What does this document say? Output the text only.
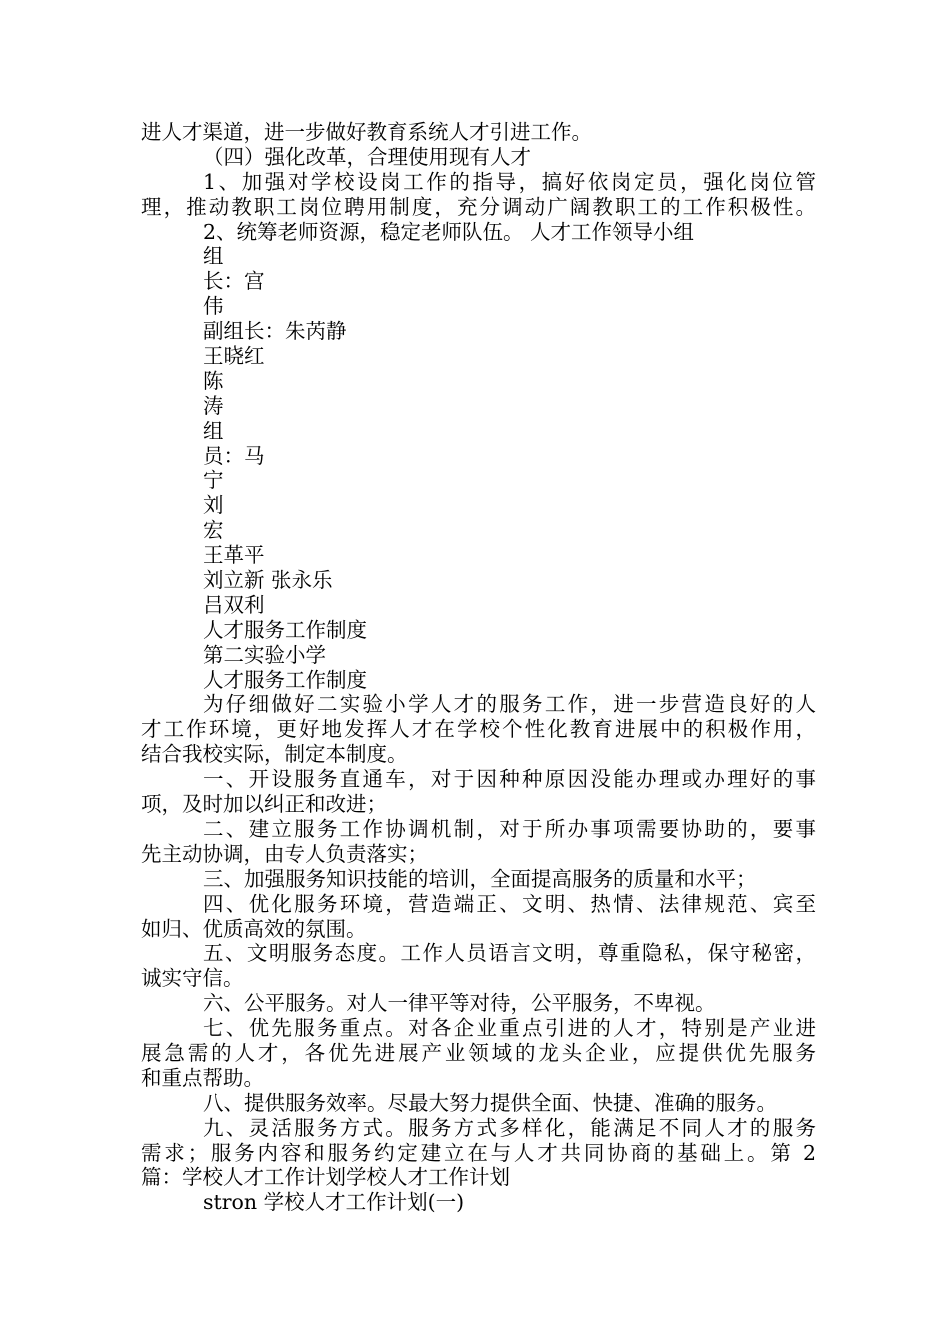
进人才渠道，进一步做好教育系统人才引进工作。
（四）强化改革，合理使用现有人才
1、加强对学校设岗工作的指导，搞好依岗定员，强化岗位管
理，推动教职工岗位聘用制度，充分调动广阔教职工的工作积极性。
2、统筹老师资源，稳定老师队伍。 人才工作领导小组
组
长：宫
伟
副组长：朱芮静
王晓红
陈
涛
组
员：马
宁
刘
宏
王革平
刘立新 张永乐
吕双利
人才服务工作制度
第二实验小学
人才服务工作制度
为仔细做好二实验小学人才的服务工作，进一步营造良好的人
才工作环境，更好地发挥人才在学校个性化教育进展中的积极作用，
结合我校实际，制定本制度。
一、开设服务直通车，对于因种种原因没能办理或办理好的事
项，及时加以纠正和改进；
二、建立服务工作协调机制，对于所办事项需要协助的，要事
先主动协调，由专人负责落实；
三、加强服务知识技能的培训，全面提高服务的质量和水平；
四、优化服务环境，营造端正、文明、热情、法律规范、宾至
如归、优质高效的氛围。
五、文明服务态度。工作人员语言文明，尊重隐私，保守秘密，
诚实守信。
六、公平服务。对人一律平等对待，公平服务，不卑视。
七、优先服务重点。对各企业重点引进的人才，特别是产业进
展急需的人才，各优先进展产业领域的龙头企业，应提供优先服务
和重点帮助。
八、提供服务效率。尽最大努力提供全面、快捷、准确的服务。
九、灵活服务方式。服务方式多样化，能满足不同人才的服务
需求；服务内容和服务约定建立在与人才共同协商的基础上。第 2
篇：学校人才工作计划学校人才工作计划
stron 学校人才工作计划(一)
